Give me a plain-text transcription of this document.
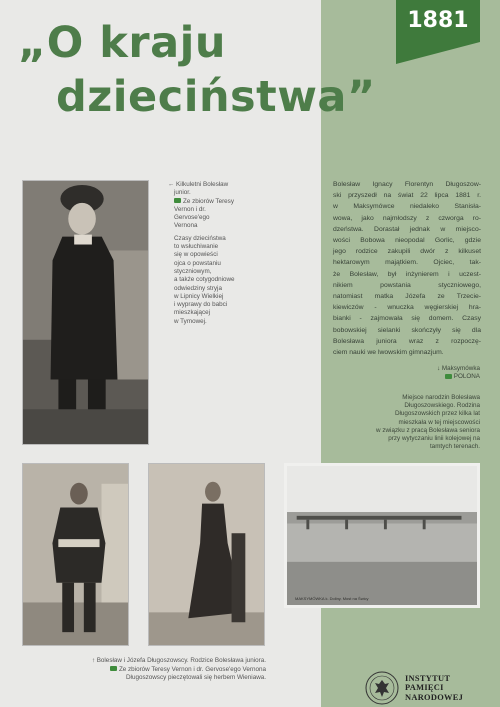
„O kraju
dzieciństwa”
1881
← Kilkuletni Bolesław
junior.
Ze zbiorów Teresy
Vernon i dr. Gervose'ego
Vernona
Czasy dzieciństwa
to wsłuchiwanie
się w opowieści
ojca o powstaniu
styczniowym,
a także cotygodniowe
odwiedziny stryja
w Lipnicy Wielkiej
i wyprawy do babci
mieszkającej
w Tymowej.
Bolesław Ignacy Florentyn Długoszow-
ski przyszedł na świat 22 lipca 1881 r.
w Maksymówce niedaleko Stanisła-
wowa, jako najmłodszy z czworga ro-
dzeństwa. Dorastał jednak w miejsco-
wości Bobowa nieopodal Gorlic, gdzie
jego rodzice zakupili dwór z kilkuset
hektarowym majątkiem. Ojciec, tak-
że Bolesław, był inżynierem i uczest-
nikiem powstania styczniowego,
natomiast matka Józefa ze Trzecie-
kiewiczów - wnuczka węgierskiej hra-
bianki - zajmowała się domem. Czasy
bobowskiej sielanki skończyły się dla
Bolesława juniora wraz z rozpoczę-
ciem nauki we lwowskim gimnazjum.
↓ Maksymówka
POLONA
Miejsce narodzin Bolesława
Długoszowskiego. Rodzina
Długoszowskich przez kilka lat
mieszkała w tej miejscowości
w związku z pracą Bolesława seniora
przy wytyczaniu linii kolejowej na
tamtych terenach.
MAKSYMÓWKA k. Doliny. Most na Świcy
↑ Bolesław i Józefa Długoszowscy. Rodzice Bolesława juniora.
Ze zbiorów Teresy Vernon i dr. Gervose'ego Vernona
Długoszowscy pieczętowali się herbem Wieniawa.	INSTYTUT
PAMIĘCI
NARODOWEJ
